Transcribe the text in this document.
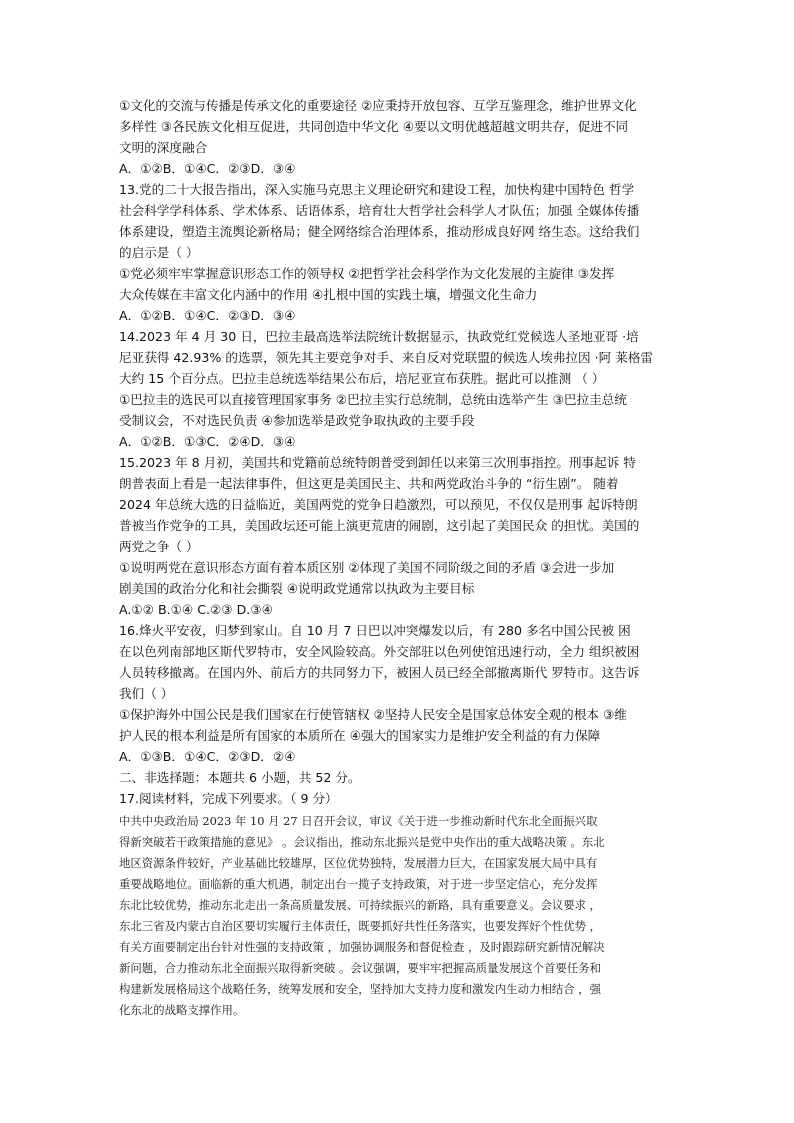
①文化的交流与传播是传承文化的重要途径 ②应秉持开放包容、互学互鉴理念，维护世界文化
多样性 ③各民族文化相互促进，共同创造中华文化 ④要以文明优越超越文明共存，促进不同
文明的深度融合
A．①②B．①④C．②③D．③④
13.党的二十大报告指出，深入实施马克思主义理论研究和建设工程，加快构建中国特色 哲学
社会科学学科体系、学术体系、话语体系，培育壮大哲学社会科学人才队伍；加强 全媒体传播
体系建设，塑造主流舆论新格局；健全网络综合治理体系，推动形成良好网 络生态。这给我们
的启示是（ ）
①党必须牢牢掌握意识形态工作的领导权 ②把哲学社会科学作为文化发展的主旋律 ③发挥
大众传媒在丰富文化内涵中的作用 ④扎根中国的实践土壤，增强文化生命力
A．①②B．①④C．②③D．③④
14.2023 年 4 月 30 日，巴拉圭最高选举法院统计数据显示，执政党红党候选人圣地亚哥 ·培
尼亚获得 42.93% 的选票，领先其主要竞争对手、来自反对党联盟的候选人埃弗拉因 ·阿 莱格雷
大约 15 个百分点。巴拉圭总统选举结果公布后，培尼亚宣布获胜。据此可以推测 （ ）
①巴拉圭的选民可以直接管理国家事务 ②巴拉圭实行总统制，总统由选举产生 ③巴拉圭总统
受制议会，不对选民负责 ④参加选举是政党争取执政的主要手段
A．①②B．①③C．②④D．③④
15.2023 年 8 月初，美国共和党籍前总统特朗普受到卸任以来第三次刑事指控。刑事起诉 特
朗普表面上看是一起法律事件，但这更是美国民主、共和两党政治斗争的 “衍生剧”。 随着
2024 年总统大选的日益临近，美国两党的党争日趋激烈，可以预见，不仅仅是刑事 起诉特朗
普被当作党争的工具，美国政坛还可能上演更荒唐的闹剧，这引起了美国民众 的担忧。美国的
两党之争（ ）
①说明两党在意识形态方面有着本质区别 ②体现了美国不同阶级之间的矛盾 ③会进一步加
剧美国的政治分化和社会撕裂 ④说明政党通常以执政为主要目标
A.①② B.①④ C.②③ D.③④
16.烽火平安夜，归梦到家山。自 10 月 7 日巴以冲突爆发以后，有 280 多名中国公民被 困
在以色列南部地区斯代罗特市，安全风险较高。外交部驻以色列使馆迅速行动，全力 组织被困
人员转移撤离。在国内外、前后方的共同努力下，被困人员已经全部撤离斯代 罗特市。这告诉
我们（ ）
①保护海外中国公民是我们国家在行使管辖权 ②坚持人民安全是国家总体安全观的根本 ③维
护人民的根本利益是所有国家的本质所在 ④强大的国家实力是维护安全利益的有力保障
A．①③B．①④C．②③D．②④
二、非选择题：本题共 6 小题，共 52 分。
17.阅读材料，完成下列要求。（ 9 分）
中共中央政治局 2023 年 10 月 27 日召开会议，审议《关于进一步推动新时代东北全面振兴取
得新突破若干政策措施的意见》 。会议指出，推动东北振兴是党中央作出的重大战略决策 。东北
地区资源条件较好，产业基础比较雄厚，区位优势独特，发展潜力巨大，在国家发展大局中具有
重要战略地位。面临新的重大机遇，制定出台一揽子支持政策，对于进一步坚定信心，充分发挥
东北比较优势，推动东北走出一条高质量发展、可持续振兴的新路，具有重要意义。会议要求 ，
东北三省及内蒙古自治区要切实履行主体责任，既要抓好共性任务落实，也要发挥好个性优势 ，
有关方面要制定出台针对性强的支持政策 ，加强协调服务和督促检查 ，及时跟踪研究新情况解决
新问题，合力推动东北全面振兴取得新突破 。会议强调，要牢牢把握高质量发展这个首要任务和
构建新发展格局这个战略任务，统筹发展和安全，坚持加大支持力度和激发内生动力相结合 ，强
化东北的战略支撑作用。
